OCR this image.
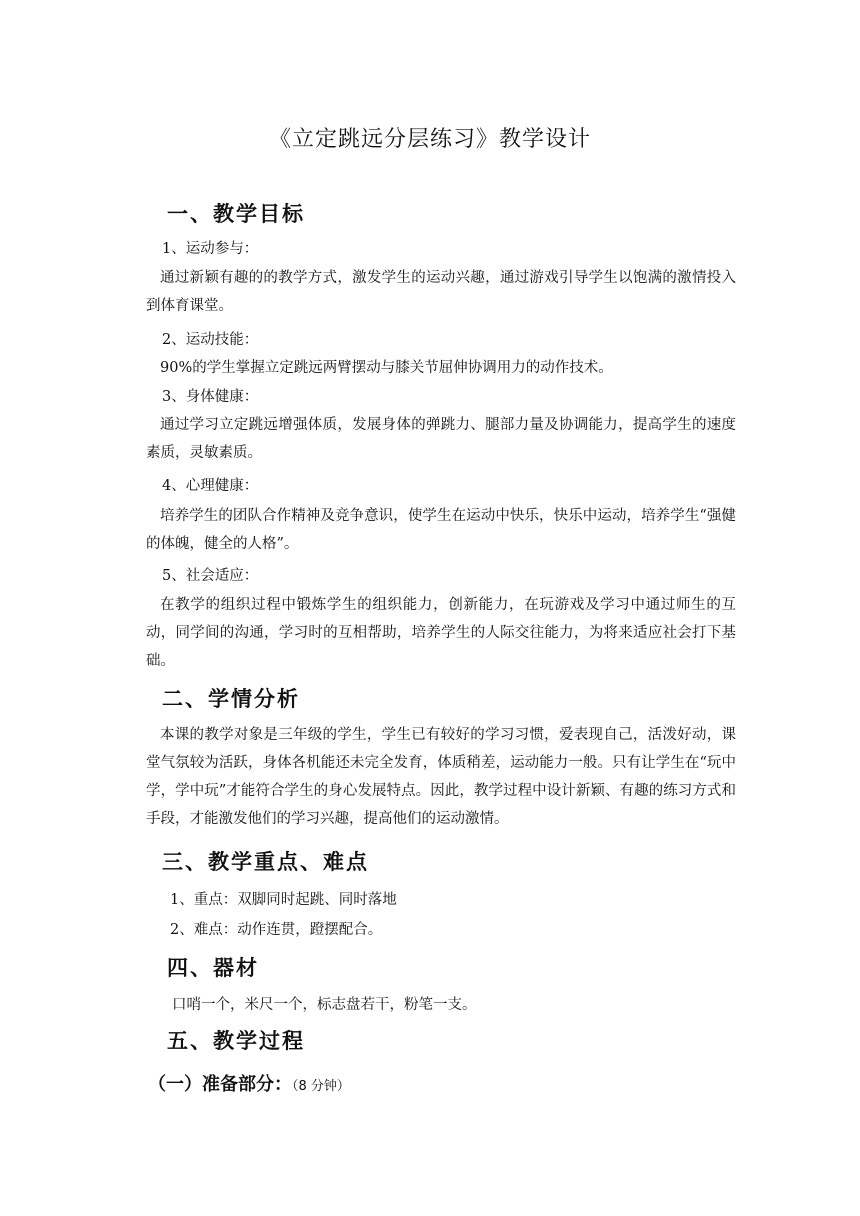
《立定跳远分层练习》教学设计
一、教学目标
1、运动参与：
通过新颖有趣的的教学方式，激发学生的运动兴趣，通过游戏引导学生以饱满的激情投入到体育课堂。
2、运动技能：
90%的学生掌握立定跳远两臂摆动与膝关节屈伸协调用力的动作技术。
3、身体健康：
通过学习立定跳远增强体质，发展身体的弹跳力、腿部力量及协调能力，提高学生的速度素质，灵敏素质。
4、心理健康：
培养学生的团队合作精神及竞争意识，使学生在运动中快乐，快乐中运动，培养学生“强健的体魄，健全的人格”。
5、社会适应：
在教学的组织过程中锻炼学生的组织能力，创新能力，在玩游戏及学习中通过师生的互动，同学间的沟通，学习时的互相帮助，培养学生的人际交往能力，为将来适应社会打下基础。
二、学情分析
本课的教学对象是三年级的学生，学生已有较好的学习习惯，爱表现自己，活泼好动，课堂气氛较为活跃，身体各机能还未完全发育，体质稍差，运动能力一般。只有让学生在“玩中学，学中玩”才能符合学生的身心发展特点。因此，教学过程中设计新颖、有趣的练习方式和手段，才能激发他们的学习兴趣，提高他们的运动激情。
三、教学重点、难点
1、重点：双脚同时起跳、同时落地
2、难点：动作连贯，蹬摆配合。
四、器材
口哨一个，米尺一个，标志盘若干，粉笔一支。
五、教学过程
（一）准备部分：（8 分钟）
